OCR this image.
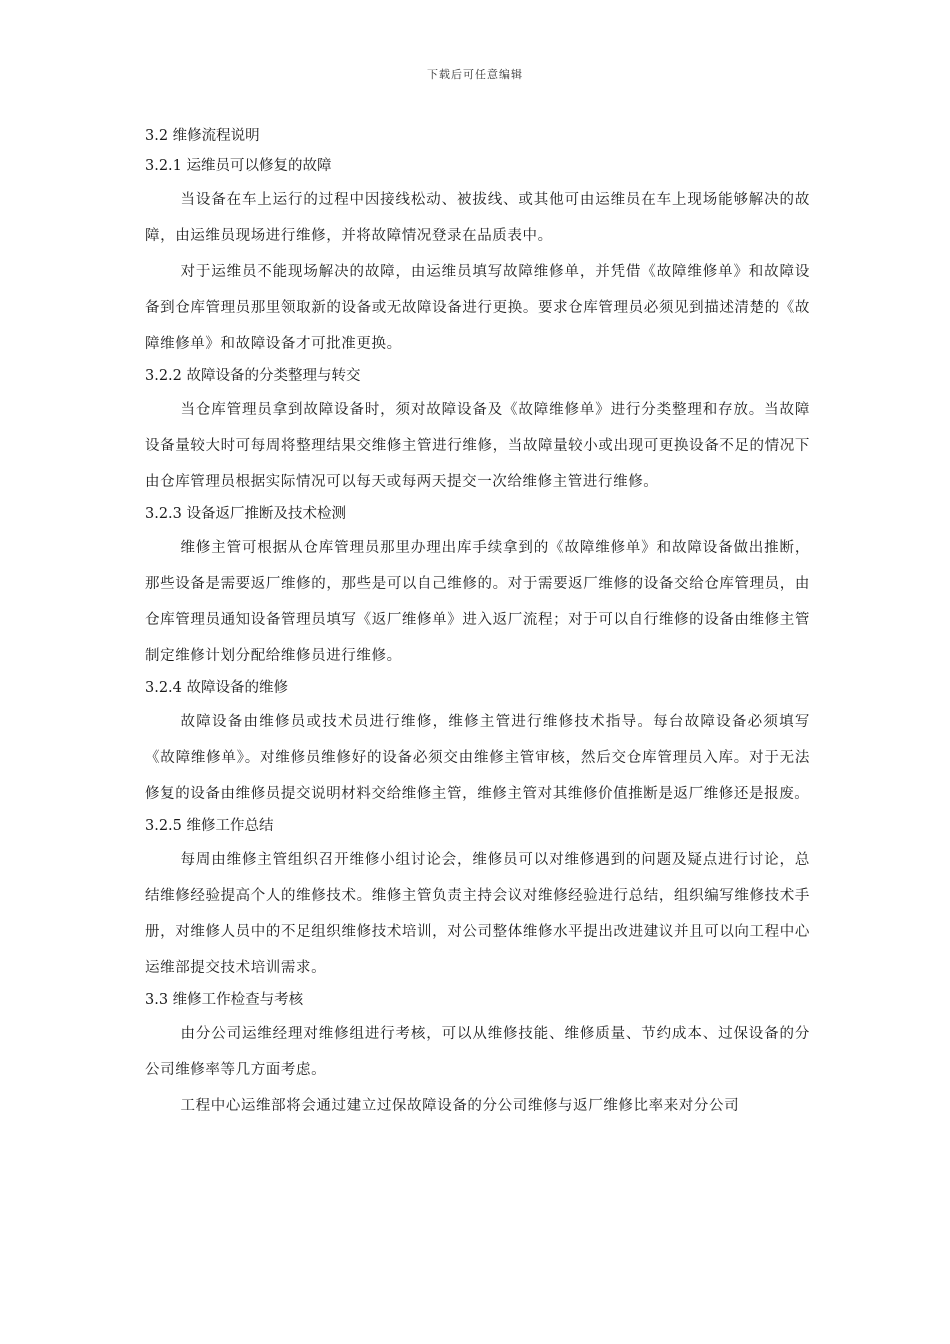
下载后可任意编辑
3.2 维修流程说明
3.2.1 运维员可以修复的故障

当设备在车上运行的过程中因接线松动、被拔线、或其他可由运维员在车上现场能够解决的故障，由运维员现场进行维修，并将故障情况登录在品质表中。

对于运维员不能现场解决的故障，由运维员填写故障维修单，并凭借《故障维修单》和故障设备到仓库管理员那里领取新的设备或无故障设备进行更换。要求仓库管理员必须见到描述清楚的《故障维修单》和故障设备才可批准更换。

3.2.2 故障设备的分类整理与转交

当仓库管理员拿到故障设备时，须对故障设备及《故障维修单》进行分类整理和存放。当故障设备量较大时可每周将整理结果交维修主管进行维修，当故障量较小或出现可更换设备不足的情况下由仓库管理员根据实际情况可以每天或每两天提交一次给维修主管进行维修。

3.2.3 设备返厂推断及技术检测

维修主管可根据从仓库管理员那里办理出库手续拿到的《故障维修单》和故障设备做出推断，那些设备是需要返厂维修的，那些是可以自己维修的。对于需要返厂维修的设备交给仓库管理员，由仓库管理员通知设备管理员填写《返厂维修单》进入返厂流程；对于可以自行维修的设备由维修主管制定维修计划分配给维修员进行维修。

3.2.4 故障设备的维修

故障设备由维修员或技术员进行维修，维修主管进行维修技术指导。每台故障设备必须填写《故障维修单》。对维修员维修好的设备必须交由维修主管审核，然后交仓库管理员入库。对于无法修复的设备由维修员提交说明材料交给维修主管，维修主管对其维修价值推断是返厂维修还是报废。

3.2.5 维修工作总结

每周由维修主管组织召开维修小组讨论会，维修员可以对维修遇到的问题及疑点进行讨论，总结维修经验提高个人的维修技术。维修主管负责主持会议对维修经验进行总结，组织编写维修技术手册，对维修人员中的不足组织维修技术培训，对公司整体维修水平提出改进建议并且可以向工程中心运维部提交技术培训需求。

3.3 维修工作检查与考核

由分公司运维经理对维修组进行考核，可以从维修技能、维修质量、节约成本、过保设备的分公司维修率等几方面考虑。

工程中心运维部将会通过建立过保故障设备的分公司维修与返厂维修比率来对分公司
